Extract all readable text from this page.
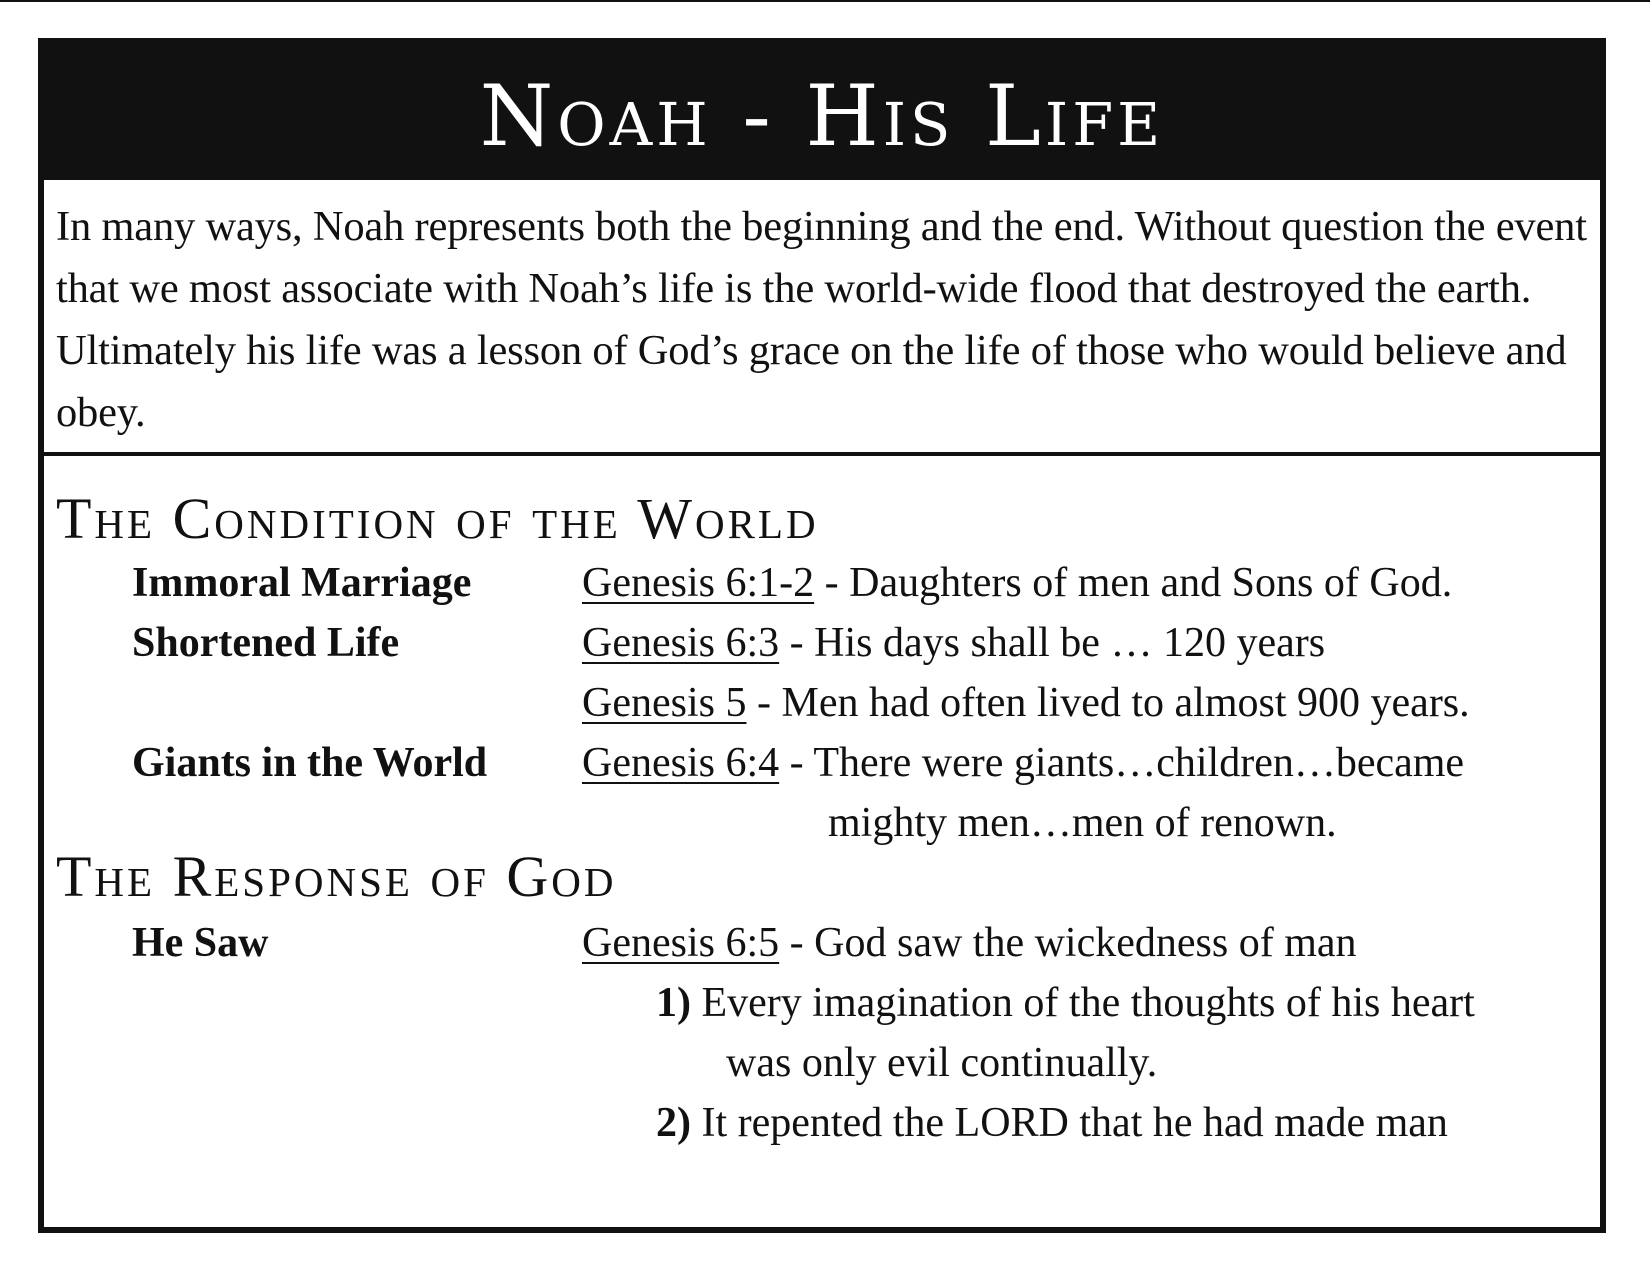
Noah - His Life

In many ways, Noah represents both the beginning and the end. Without question the event that we most associate with Noah’s life is the world-wide flood that destroyed the earth. Ultimately his life was a lesson of God’s grace on the life of those who would believe and obey.

The Condition of the World
Immoral Marriage	Genesis 6:1-2 - Daughters of men and Sons of God.
Shortened Life	Genesis 6:3 - His days shall be … 120 years
Genesis 5 - Men had often lived to almost 900 years.
Giants in the World Genesis 6:4 - There were giants…children…became
mighty men…men of renown.
The Response of God
He Saw	Genesis 6:5 - God saw the wickedness of man
1) Every imagination of the thoughts of his heart
was only evil continually.
2) It repented the LORD that he had made man
